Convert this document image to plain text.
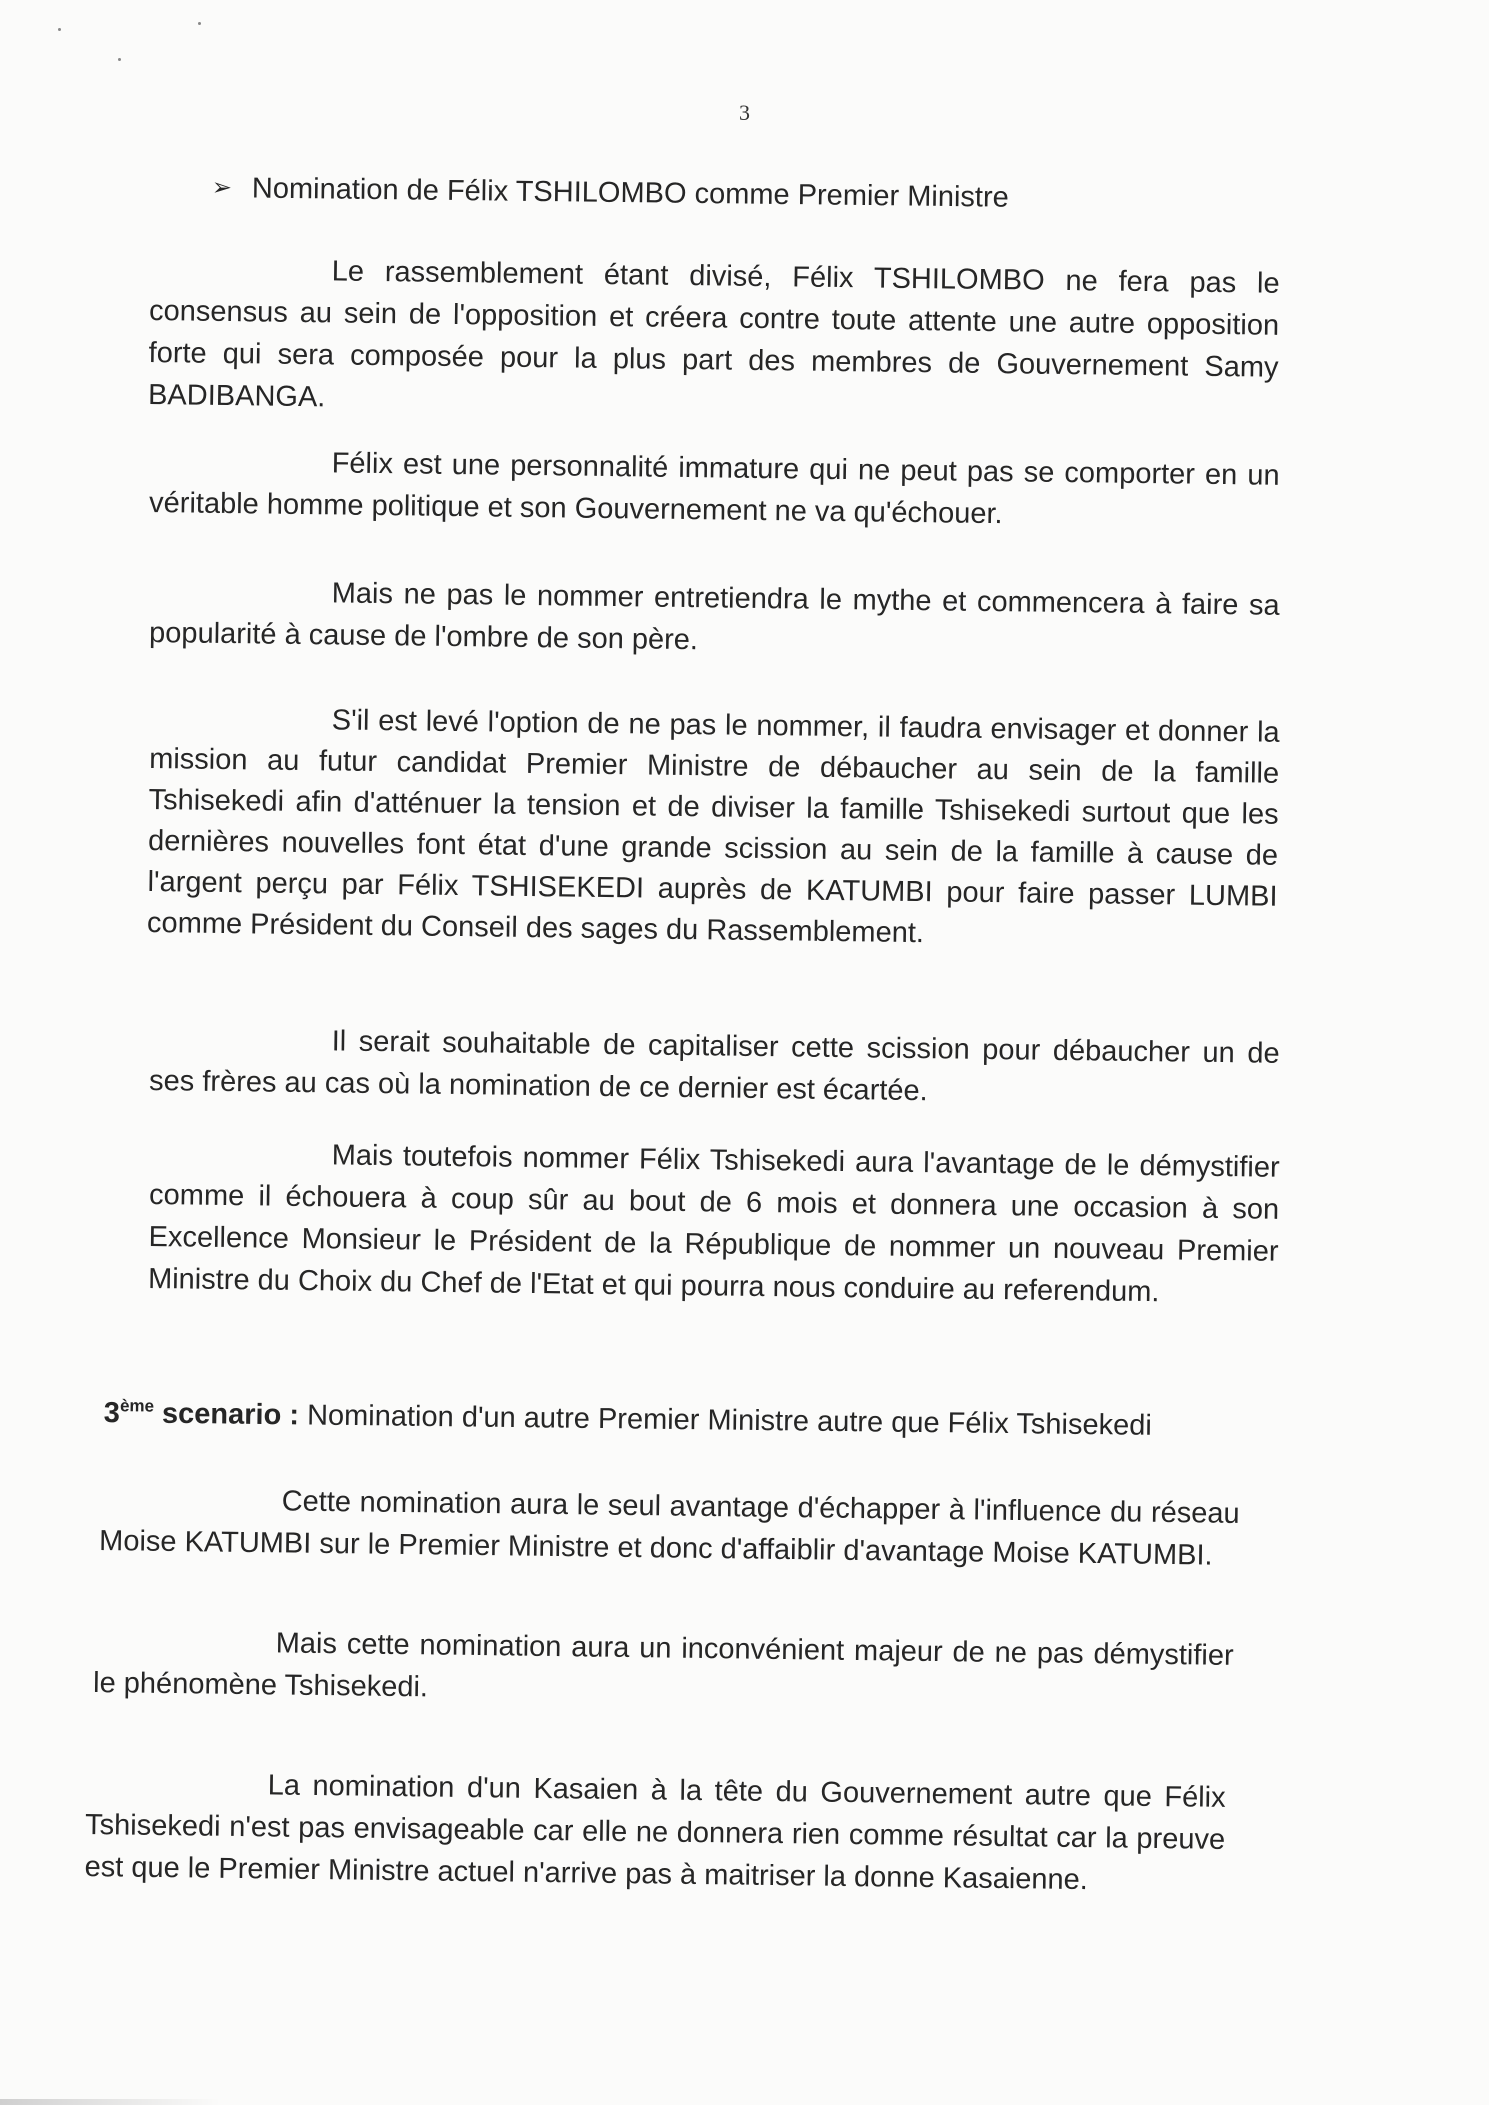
3
➢ Nomination de Félix TSHILOMBO comme Premier Ministre

Le rassemblement étant divisé, Félix TSHILOMBO ne fera pas le consensus au sein de l'opposition et créera contre toute attente une autre opposition forte qui sera composée pour la plus part des membres de Gouvernement Samy BADIBANGA.

Félix est une personnalité immature qui ne peut pas se comporter en un véritable homme politique et son Gouvernement ne va qu'échouer.

Mais ne pas le nommer entretiendra le mythe et commencera à faire sa popularité à cause de l'ombre de son père.

S'il est levé l'option de ne pas le nommer, il faudra envisager et donner la mission au futur candidat Premier Ministre de débaucher au sein de la famille Tshisekedi afin d'atténuer la tension et de diviser la famille Tshisekedi surtout que les dernières nouvelles font état d'une grande scission au sein de la famille à cause de l'argent perçu par Félix TSHISEKEDI auprès de KATUMBI pour faire passer LUMBI comme Président du Conseil des sages du Rassemblement.

Il serait souhaitable de capitaliser cette scission pour débaucher un de ses frères au cas où la nomination de ce dernier est écartée.

Mais toutefois nommer Félix Tshisekedi aura l'avantage de le démystifier comme il échouera à coup sûr au bout de 6 mois et donnera une occasion à son Excellence Monsieur le Président de la République de nommer un nouveau Premier Ministre du Choix du Chef de l'Etat et qui pourra nous conduire au referendum.

3ème scenario : Nomination d'un autre Premier Ministre autre que Félix Tshisekedi

Cette nomination aura le seul avantage d'échapper à l'influence du réseau Moise KATUMBI sur le Premier Ministre et donc d'affaiblir d'avantage Moise KATUMBI.

Mais cette nomination aura un inconvénient majeur de ne pas démystifier le phénomène Tshisekedi.

La nomination d'un Kasaien à la tête du Gouvernement autre que Félix Tshisekedi n'est pas envisageable car elle ne donnera rien comme résultat car la preuve est que le Premier Ministre actuel n'arrive pas à maitriser la donne Kasaienne.
